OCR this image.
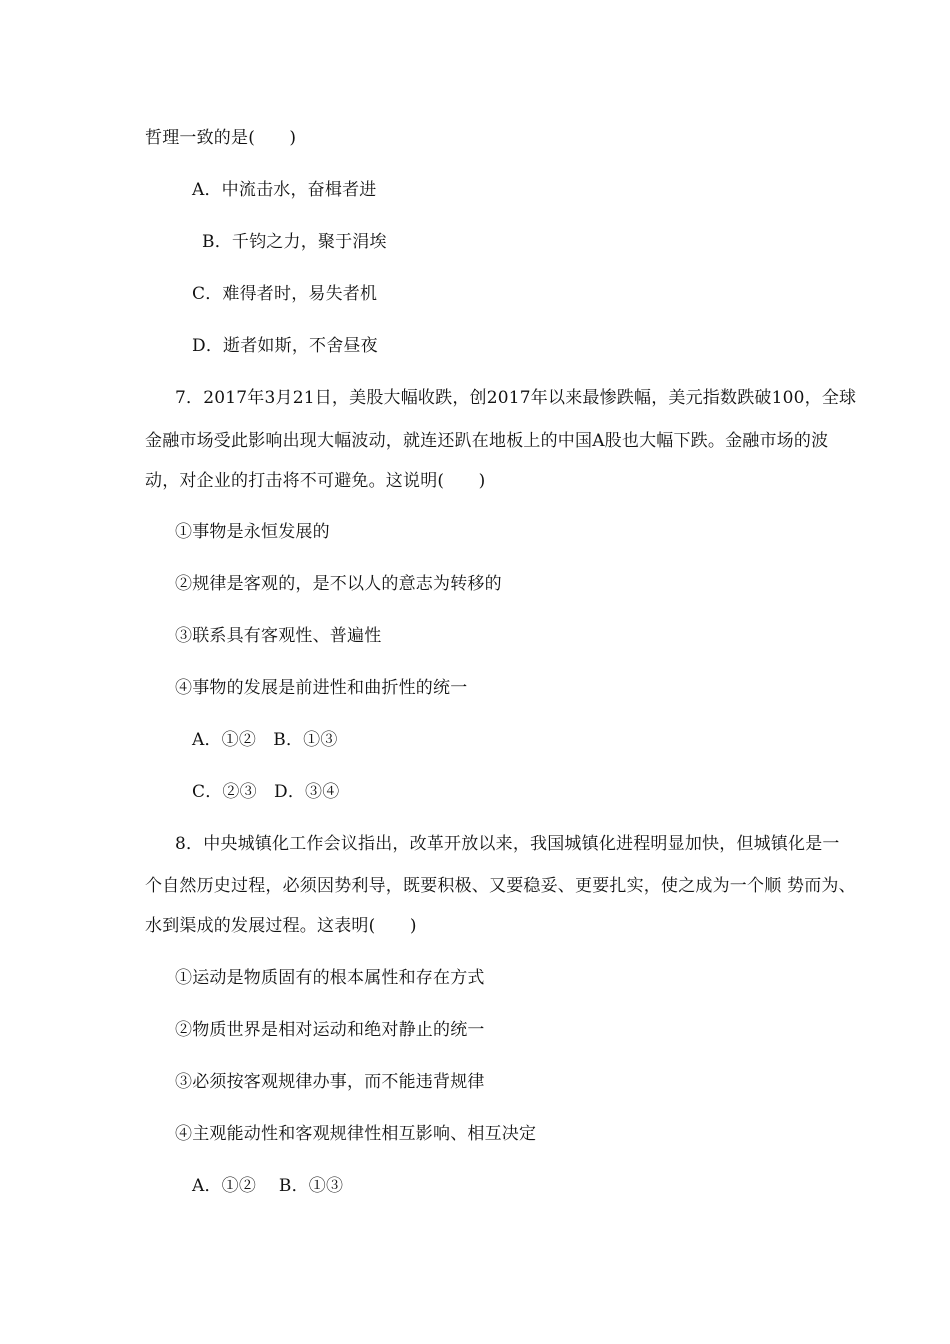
哲理一致的是(　　)
A．中流击水，奋楫者进
B．千钧之力，聚于涓埃
C．难得者时，易失者机
D．逝者如斯，不舍昼夜
7．2017年3月21日，美股大幅收跌，创2017年以来最惨跌幅，美元指数跌破100，全球
金融市场受此影响出现大幅波动，就连还趴在地板上的中国A股也大幅下跌。金融市场的波
动，对企业的打击将不可避免。这说明(　　)
①事物是永恒发展的
②规律是客观的，是不以人的意志为转移的
③联系具有客观性、普遍性
④事物的发展是前进性和曲折性的统一
A．①②　B．①③
C．②③　D．③④
8．中央城镇化工作会议指出，改革开放以来，我国城镇化进程明显加快，但城镇化是一
个自然历史过程，必须因势利导，既要积极、又要稳妥、更要扎实，使之成为一个顺 势而为、
水到渠成的发展过程。这表明(　　)
①运动是物质固有的根本属性和存在方式
②物质世界是相对运动和绝对静止的统一
③必须按客观规律办事，而不能违背规律
④主观能动性和客观规律性相互影响、相互决定
A．①②　 B．①③
